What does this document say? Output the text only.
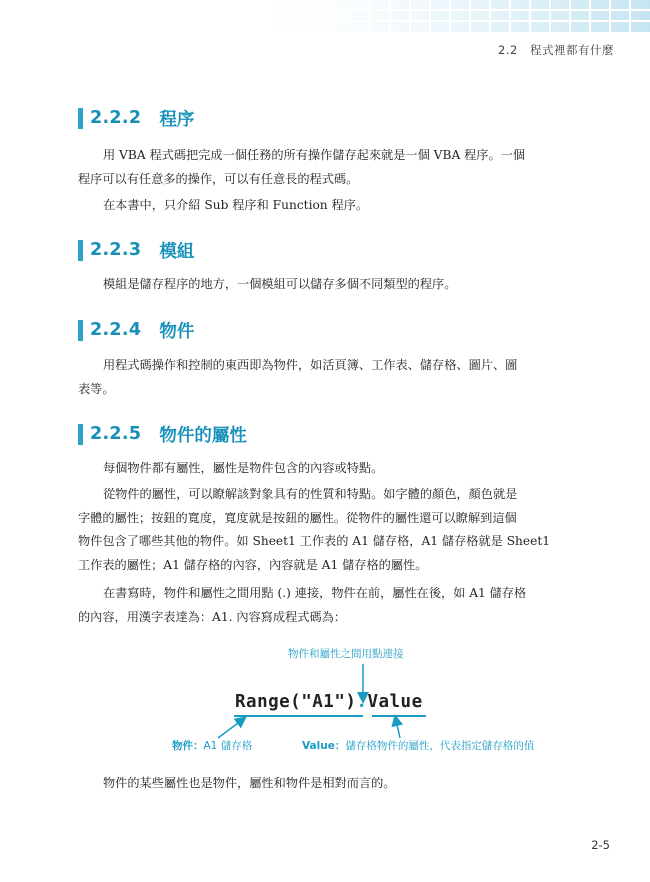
2.2 程式裡都有什麼
2.2.2 程序
用 VBA 程式碼把完成一個任務的所有操作儲存起來就是一個 VBA 程序。一個
程序可以有任意多的操作，可以有任意長的程式碼。
在本書中，只介紹 Sub 程序和 Function 程序。
2.2.3 模組
模組是儲存程序的地方，一個模組可以儲存多個不同類型的程序。
2.2.4 物件
用程式碼操作和控制的東西即為物件，如活頁簿、工作表、儲存格、圖片、圖
表等。
2.2.5 物件的屬性
每個物件都有屬性，屬性是物件包含的內容或特點。
從物件的屬性，可以瞭解該對象具有的性質和特點。如字體的顏色，顏色就是
字體的屬性；按鈕的寬度，寬度就是按鈕的屬性。從物件的屬性還可以瞭解到這個
物件包含了哪些其他的物件。如 Sheet1 工作表的 A1 儲存格，A1 儲存格就是 Sheet1
工作表的屬性；A1 儲存格的內容，內容就是 A1 儲存格的屬性。
在書寫時，物件和屬性之間用點 (.) 連接，物件在前，屬性在後，如 A1 儲存格
的內容，用漢字表達為：A1. 內容寫成程式碼為：
物件和屬性之間用點連接
Range("A1").Value
物件：A1 儲存格	Value：儲存格物件的屬性，代表指定儲存格的值
物件的某些屬性也是物件，屬性和物件是相對而言的。
2-5
